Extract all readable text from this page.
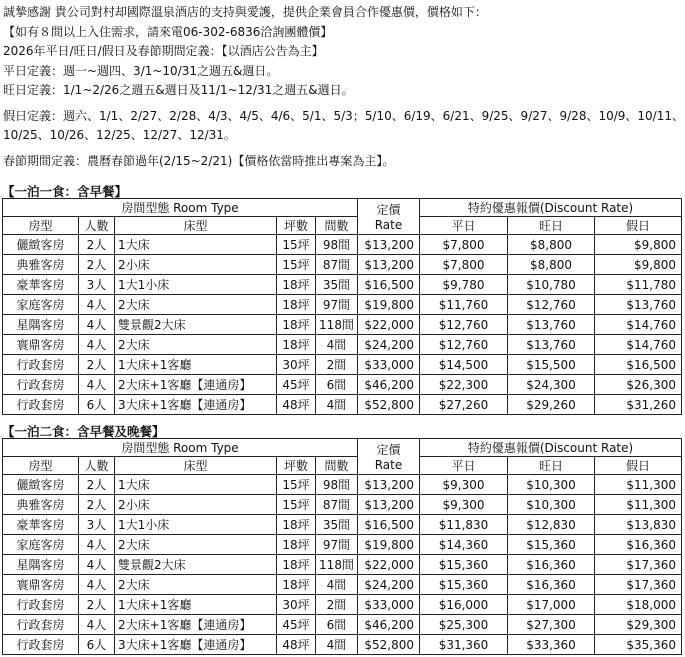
誠摯感謝 貴公司對村却國際溫泉酒店的支持與愛護，提供企業會員合作優惠價，價格如下：

【如有８間以上入住需求，請來電06-302-6836洽詢團體價】

2026年平日/旺日/假日及春節期間定義：【以酒店公告為主】

平日定義：週一~週四、3/1~10/31之週五&週日。

旺日定義：1/1~2/26之週五&週日及11/1~12/31之週五&週日。

假日定義：週六、1/1、2/27、2/28、4/3、4/5、4/6、5/1、5/3；5/10、6/19、6/21、9/25、9/27、9/28、10/9、10/11、

10/25、10/26、12/25、12/27、12/31。

春節期間定義：農曆春節過年(2/15~2/21)【價格依當時推出專案為主】。

【一泊一食：含早餐】
房間型態 Room Type					定價
Rate	特約優惠報價(Discount Rate)		
房型	人數	床型	坪數	間數		平日	旺日	假日
儷緻客房	2人	1大床	15坪	98間	$13,200	$7,800	$8,800	$9,800
典雅客房	2人	2小床	15坪	87間	$13,200	$7,800	$8,800	$9,800
豪華客房	3人	1大1小床	18坪	35間	$16,500	$9,780	$10,780	$11,780
家庭客房	4人	2大床	18坪	97間	$19,800	$11,760	$12,760	$13,760
星隅客房	4人	雙景觀2大床	18坪	118間	$22,000	$12,760	$13,760	$14,760
寰鼎客房	4人	2大床	18坪	4間	$24,200	$12,760	$13,760	$14,760
行政套房	2人	1大床+1客廳	30坪	2間	$33,000	$14,500	$15,500	$16,500
行政套房	4人	2大床+1客廳【連通房】	45坪	6間	$46,200	$22,300	$24,300	$26,300
行政套房	6人	3大床+1客廳【連通房】	48坪	4間	$52,800	$27,260	$29,260	$31,260
【一泊二食：含早餐及晚餐】
房間型態 Room Type					定價
Rate	特約優惠報價(Discount Rate)		
房型	人數	床型	坪數	間數		平日	旺日	假日
儷緻客房	2人	1大床	15坪	98間	$13,200	$9,300	$10,300	$11,300
典雅客房	2人	2小床	15坪	87間	$13,200	$9,300	$10,300	$11,300
豪華客房	3人	1大1小床	18坪	35間	$16,500	$11,830	$12,830	$13,830
家庭客房	4人	2大床	18坪	97間	$19,800	$14,360	$15,360	$16,360
星隅客房	4人	雙景觀2大床	18坪	118間	$22,000	$15,360	$16,360	$17,360
寰鼎客房	4人	2大床	18坪	4間	$24,200	$15,360	$16,360	$17,360
行政套房	2人	1大床+1客廳	30坪	2間	$33,000	$16,000	$17,000	$18,000
行政套房	4人	2大床+1客廳【連通房】	45坪	6間	$46,200	$25,300	$27,300	$29,300
行政套房	6人	3大床+1客廳【連通房】	48坪	4間	$52,800	$31,360	$33,360	$35,360
